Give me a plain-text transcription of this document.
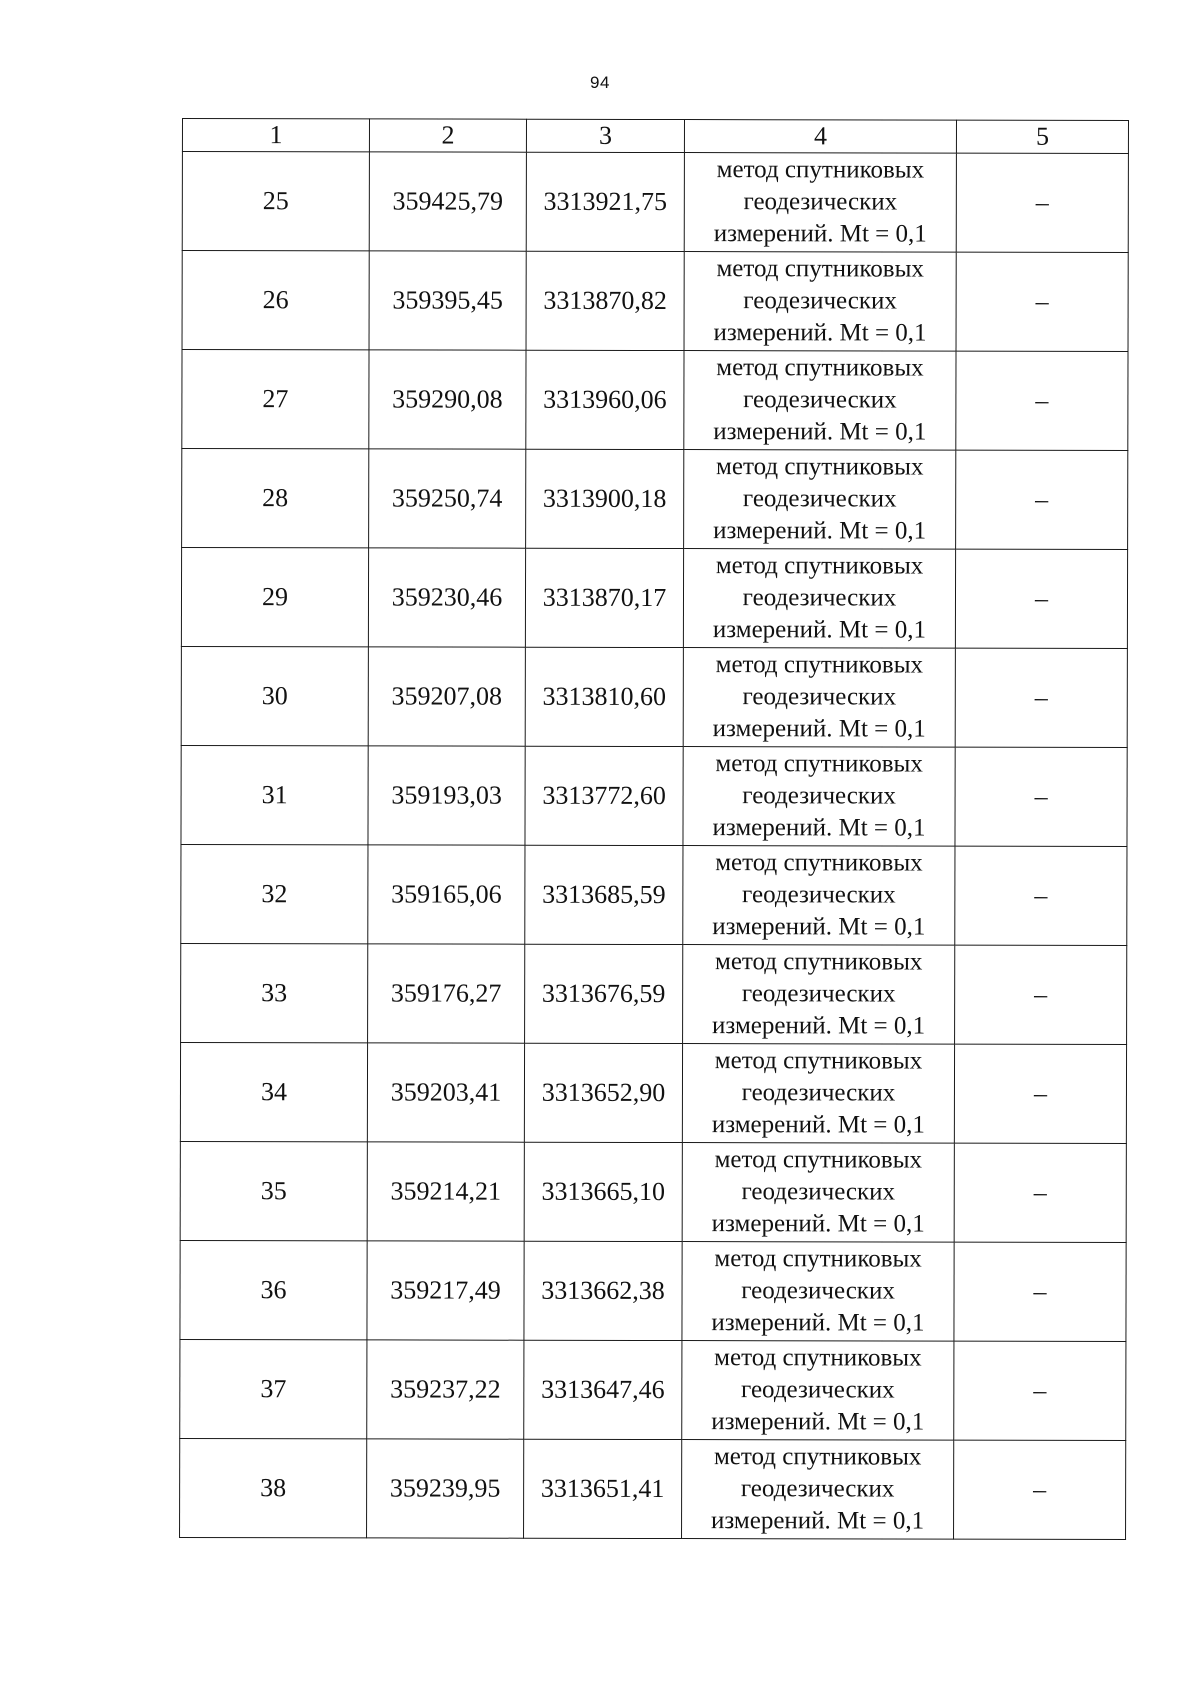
94
1	2	3	4	5
25	359425,79	3313921,75	метод спутниковых
геодезических
измерений. Mt = 0,1	–
26	359395,45	3313870,82	метод спутниковых
геодезических
измерений. Mt = 0,1	–
27	359290,08	3313960,06	метод спутниковых
геодезических
измерений. Mt = 0,1	–
28	359250,74	3313900,18	метод спутниковых
геодезических
измерений. Mt = 0,1	–
29	359230,46	3313870,17	метод спутниковых
геодезических
измерений. Mt = 0,1	–
30	359207,08	3313810,60	метод спутниковых
геодезических
измерений. Mt = 0,1	–
31	359193,03	3313772,60	метод спутниковых
геодезических
измерений. Mt = 0,1	–
32	359165,06	3313685,59	метод спутниковых
геодезических
измерений. Mt = 0,1	–
33	359176,27	3313676,59	метод спутниковых
геодезических
измерений. Mt = 0,1	–
34	359203,41	3313652,90	метод спутниковых
геодезических
измерений. Mt = 0,1	–
35	359214,21	3313665,10	метод спутниковых
геодезических
измерений. Mt = 0,1	–
36	359217,49	3313662,38	метод спутниковых
геодезических
измерений. Mt = 0,1	–
37	359237,22	3313647,46	метод спутниковых
геодезических
измерений. Mt = 0,1	–
38	359239,95	3313651,41	метод спутниковых
геодезических
измерений. Mt = 0,1	–
